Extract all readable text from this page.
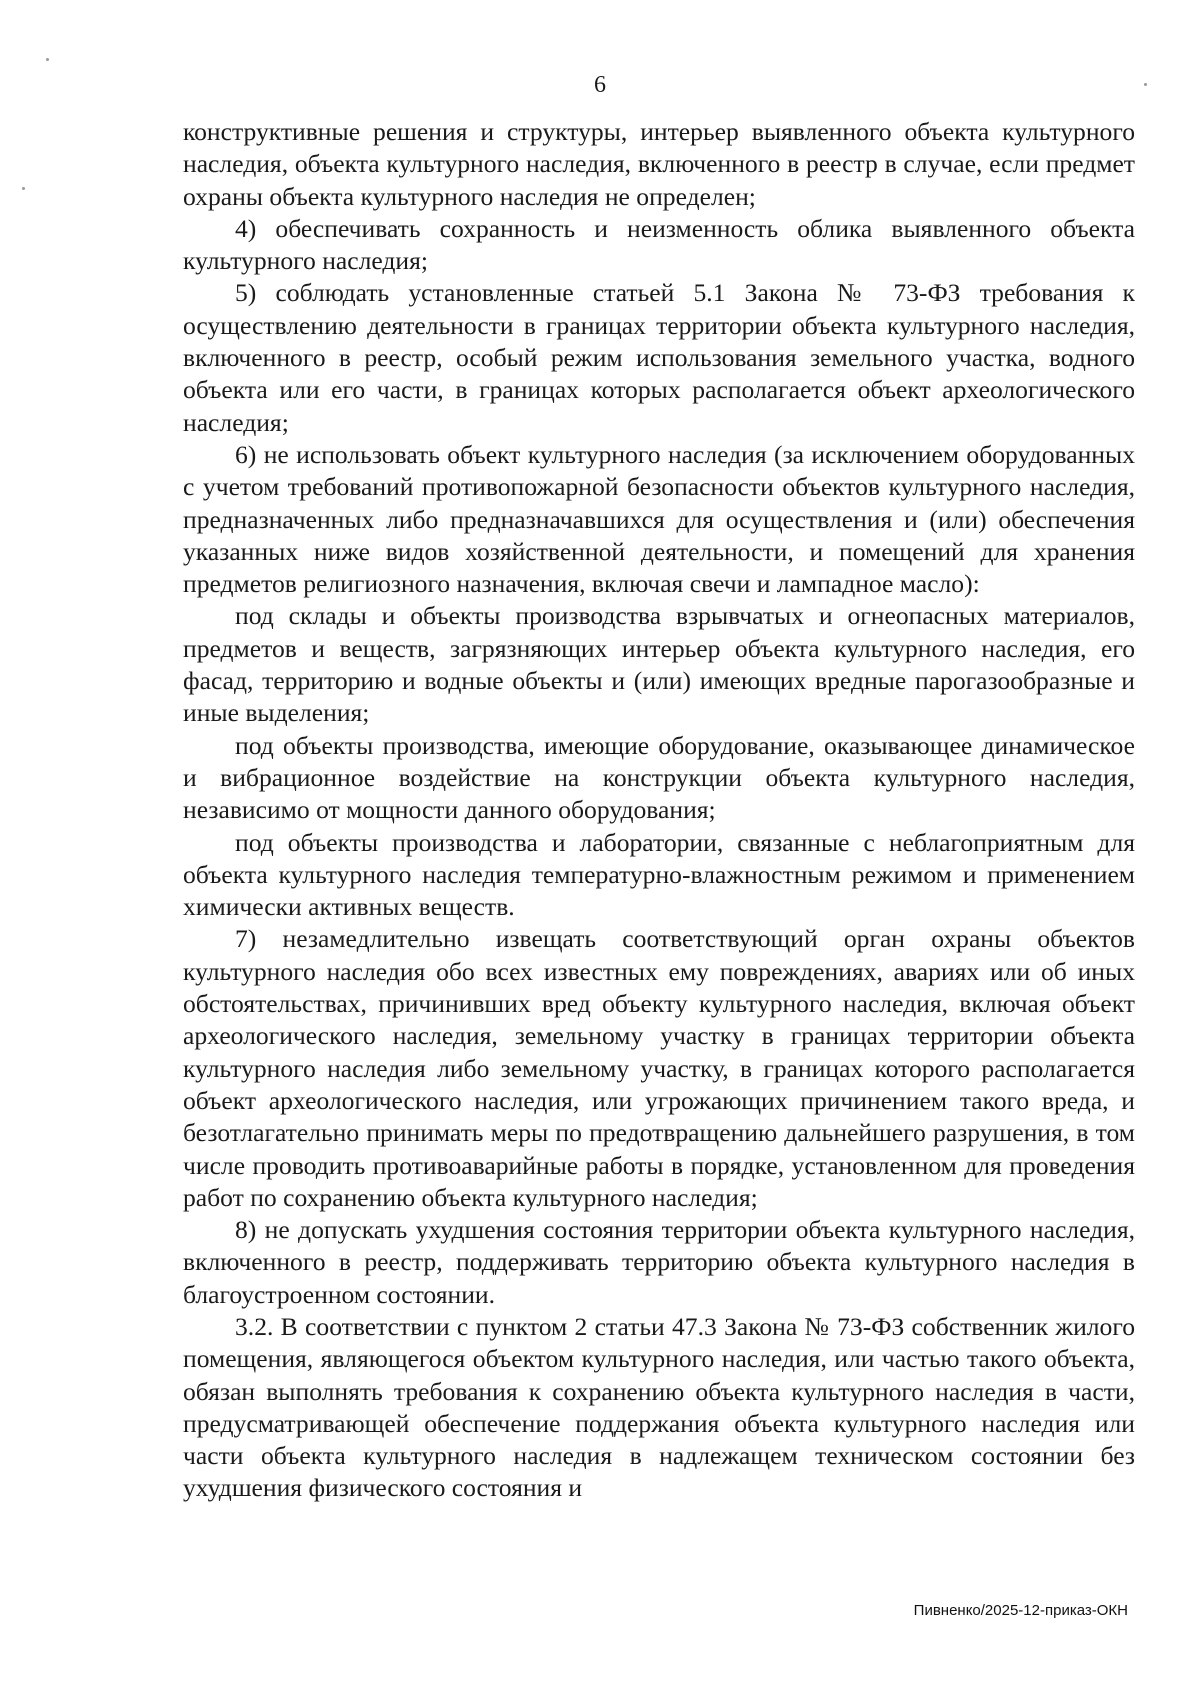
6

конструктивные решения и структуры, интерьер выявленного объекта культурного наследия, объекта культурного наследия, включенного в реестр в случае, если предмет охраны объекта культурного наследия не определен;

4) обеспечивать сохранность и неизменность облика выявленного объекта культурного наследия;

5) соблюдать установленные статьей 5.1 Закона № 73-ФЗ требования к осуществлению деятельности в границах территории объекта культурного наследия, включенного в реестр, особый режим использования земельного участка, водного объекта или его части, в границах которых располагается объект археологического наследия;

6) не использовать объект культурного наследия (за исключением оборудованных с учетом требований противопожарной безопасности объектов культурного наследия, предназначенных либо предназначавшихся для осуществления и (или) обеспечения указанных ниже видов хозяйственной деятельности, и помещений для хранения предметов религиозного назначения, включая свечи и лампадное масло):

под склады и объекты производства взрывчатых и огнеопасных материалов, предметов и веществ, загрязняющих интерьер объекта культурного наследия, его фасад, территорию и водные объекты и (или) имеющих вредные парогазообразные и иные выделения;

под объекты производства, имеющие оборудование, оказывающее динамическое и вибрационное воздействие на конструкции объекта культурного наследия, независимо от мощности данного оборудования;

под объекты производства и лаборатории, связанные с неблагоприятным для объекта культурного наследия температурно-влажностным режимом и применением химически активных веществ.

7) незамедлительно извещать соответствующий орган охраны объектов культурного наследия обо всех известных ему повреждениях, авариях или об иных обстоятельствах, причинивших вред объекту культурного наследия, включая объект археологического наследия, земельному участку в границах территории объекта культурного наследия либо земельному участку, в границах которого располагается объект археологического наследия, или угрожающих причинением такого вреда, и безотлагательно принимать меры по предотвращению дальнейшего разрушения, в том числе проводить противоаварийные работы в порядке, установленном для проведения работ по сохранению объекта культурного наследия;

8) не допускать ухудшения состояния территории объекта культурного наследия, включенного в реестр, поддерживать территорию объекта культурного наследия в благоустроенном состоянии.

3.2. В соответствии с пунктом 2 статьи 47.3 Закона № 73-ФЗ собственник жилого помещения, являющегося объектом культурного наследия, или частью такого объекта, обязан выполнять требования к сохранению объекта культурного наследия в части, предусматривающей обеспечение поддержания объекта культурного наследия или части объекта культурного наследия в надлежащем техническом состоянии без ухудшения физического состояния и

Пивненко/2025-12-приказ-ОКН
